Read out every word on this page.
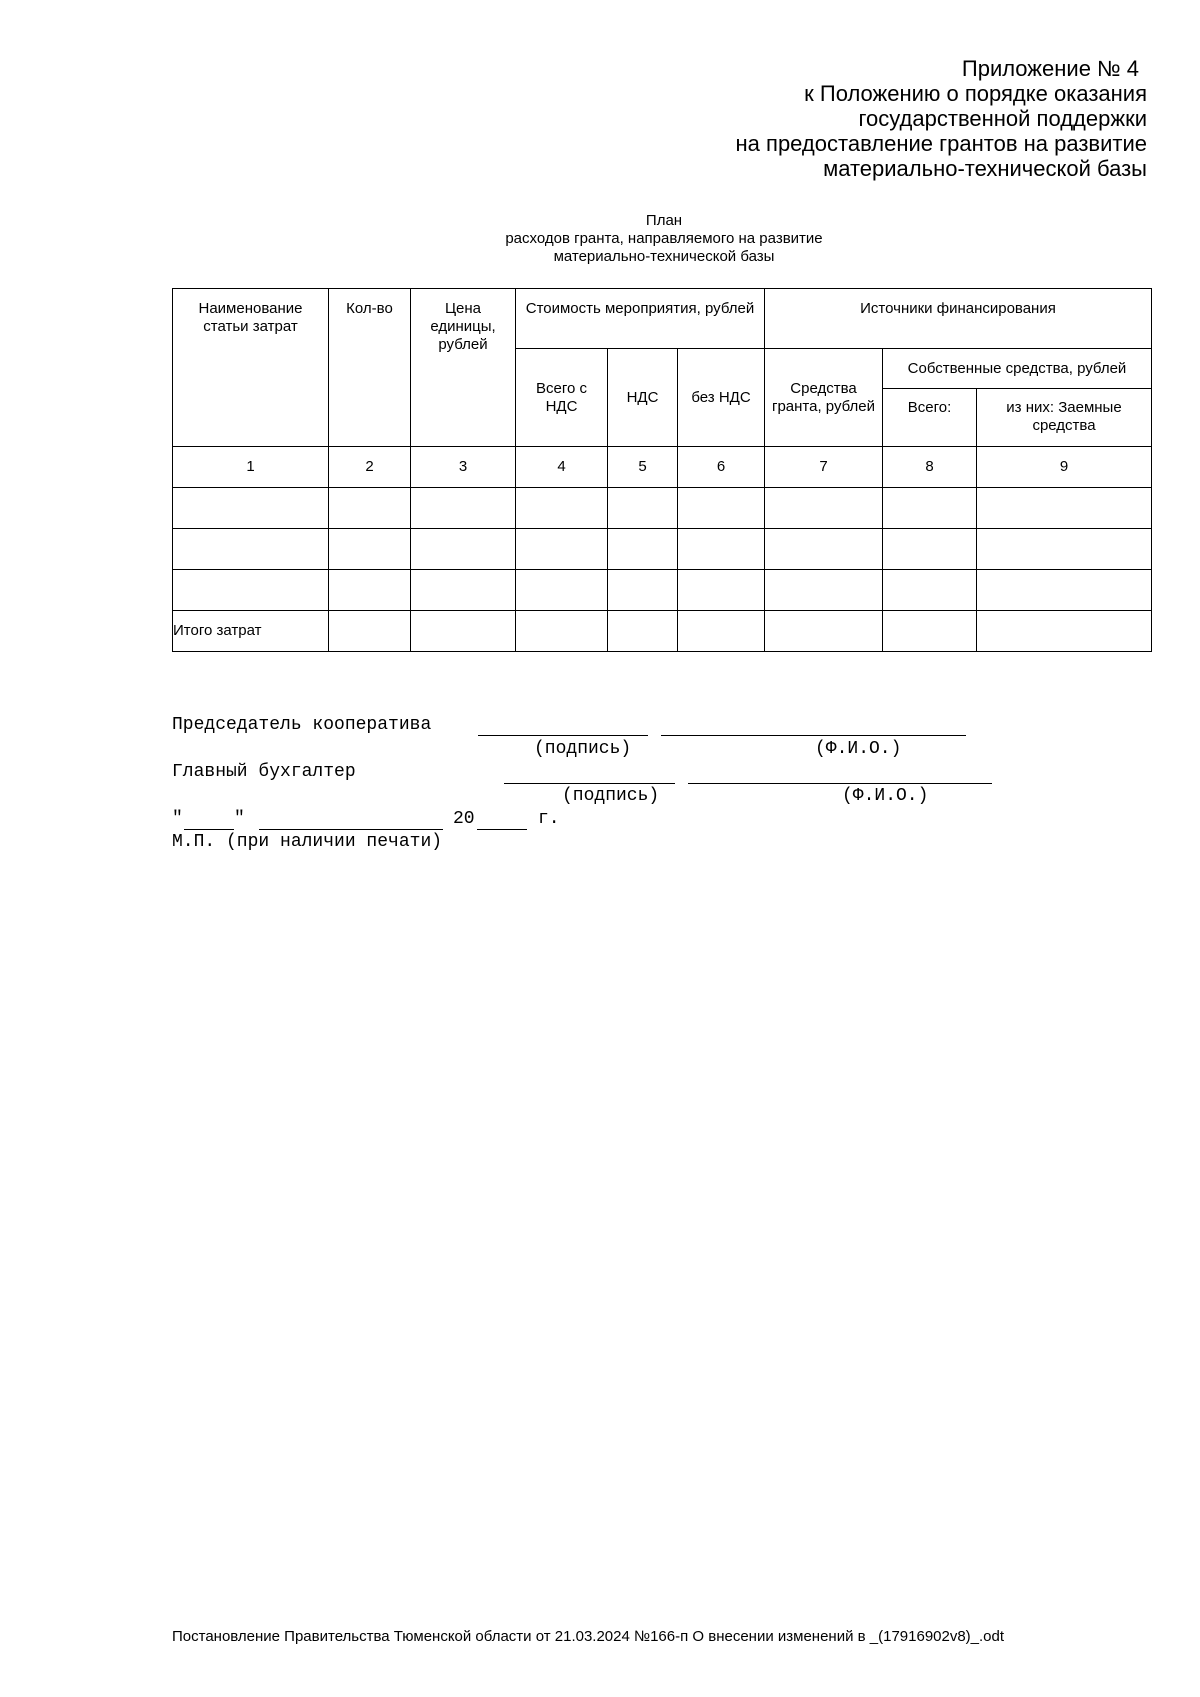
Приложение № 4
к Положению о порядке оказания
государственной поддержки
на предоставление грантов на развитие
материально-технической базы
План
расходов гранта, направляемого на развитие
материально-технической базы
Наименование статьи затрат	Кол-во	Цена единицы, рублей	Стоимость мероприятия, рублей			Источники финансирования		
			Всего с НДС	НДС	без НДС	Средства гранта, рублей	Собственные средства, рублей	
							Всего:	из них: Заемные средства
1	2	3	4	5	6	7	8	9

Итого затрат								
Председатель кооператива
(подпись)	(Ф.И.О.)
Главный бухгалтер
(подпись)	(Ф.И.О.)
"	"	20	г.
М.П. (при наличии печати)
Постановление Правительства Тюменской области от 21.03.2024 №166-п О внесении изменений в _(17916902v8)_.odt
